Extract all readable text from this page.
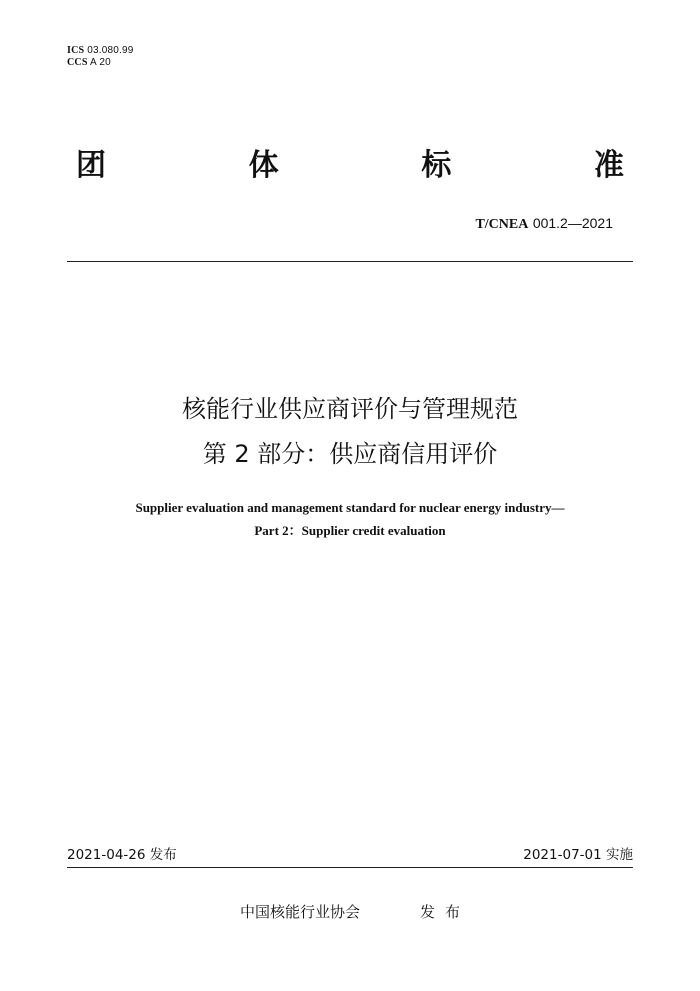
ICS 03.080.99
CCS A 20
团	体	标	准
T/CNEA 001.2—2021
核能行业供应商评价与管理规范
第 2 部分：供应商信用评价
Supplier evaluation and management standard for nuclear energy industry—
Part 2：Supplier credit evaluation
2021-04-26 发布	2021-07-01 实施
中国核能行业协会	发布
